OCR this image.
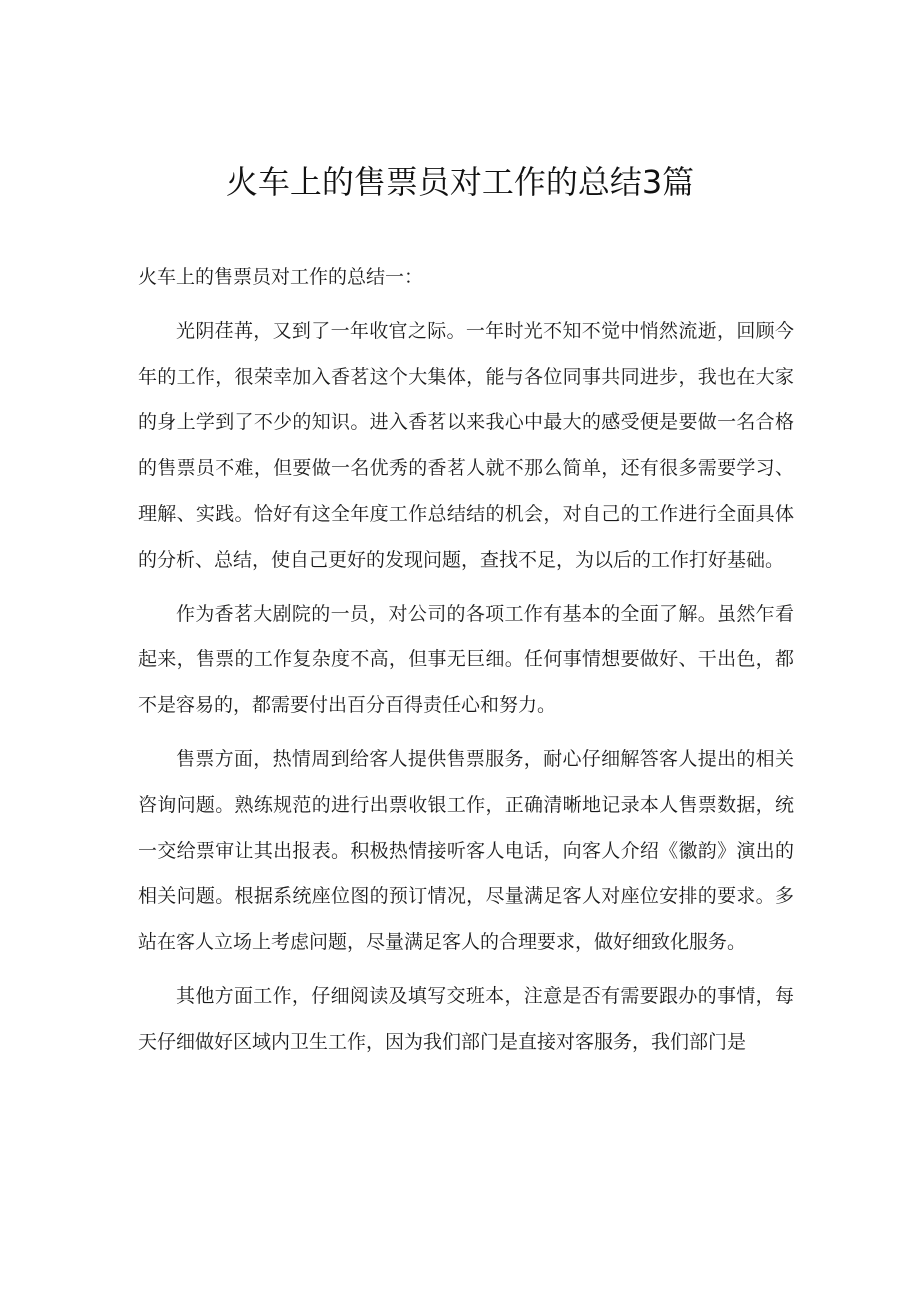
火车上的售票员对工作的总结3篇

火车上的售票员对工作的总结一：

光阴荏苒，又到了一年收官之际。一年时光不知不觉中悄然流逝，回顾今年的工作，很荣幸加入香茗这个大集体，能与各位同事共同进步，我也在大家的身上学到了不少的知识。进入香茗以来我心中最大的感受便是要做一名合格的售票员不难，但要做一名优秀的香茗人就不那么简单，还有很多需要学习、理解、实践。恰好有这全年度工作总结结的机会，对自己的工作进行全面具体的分析、总结，使自己更好的发现问题，查找不足，为以后的工作打好基础。

作为香茗大剧院的一员，对公司的各项工作有基本的全面了解。虽然乍看起来，售票的工作复杂度不高，但事无巨细。任何事情想要做好、干出色，都不是容易的，都需要付出百分百得责任心和努力。

售票方面，热情周到给客人提供售票服务，耐心仔细解答客人提出的相关咨询问题。熟练规范的进行出票收银工作，正确清晰地记录本人售票数据，统一交给票审让其出报表。积极热情接听客人电话，向客人介绍《徽韵》演出的相关问题。根据系统座位图的预订情况，尽量满足客人对座位安排的要求。多站在客人立场上考虑问题，尽量满足客人的合理要求，做好细致化服务。

其他方面工作，仔细阅读及填写交班本，注意是否有需要跟办的事情，每天仔细做好区域内卫生工作，因为我们部门是直接对客服务，我们部门是
